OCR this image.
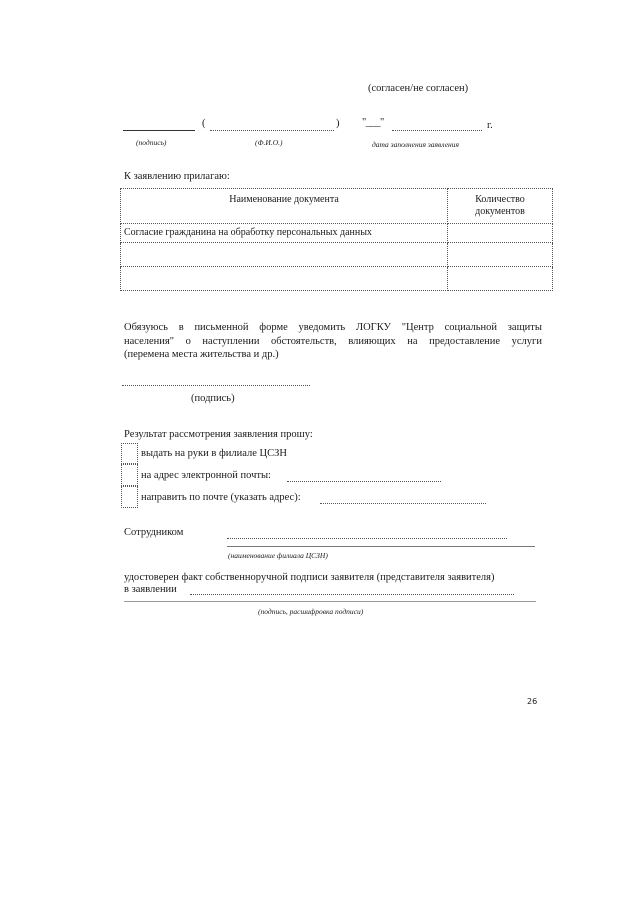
(согласен/не согласен)
(	) "___"	г.
(подпись)	(Ф.И.О.)	дата заполнения заявления
К заявлению прилагаю:
Наименование документа	Количество
документов

Согласие гражданина на обработку персональных данных	

Обязуюсь в письменной форме уведомить ЛОГКУ "Центр социальной защиты
населения" о наступлении обстоятельств, влияющих на предоставление услуги
(перемена места жительства и др.)
(подпись)
Результат рассмотрения заявления прошу:
выдать на руки в филиале ЦСЗН
на адрес электронной почты:
направить по почте (указать адрес):
Сотрудником
(наименование филиала ЦСЗН)
удостоверен факт собственноручной подписи заявителя (представителя заявителя)
в заявлении
(подпись, расшифровка подписи)
26
